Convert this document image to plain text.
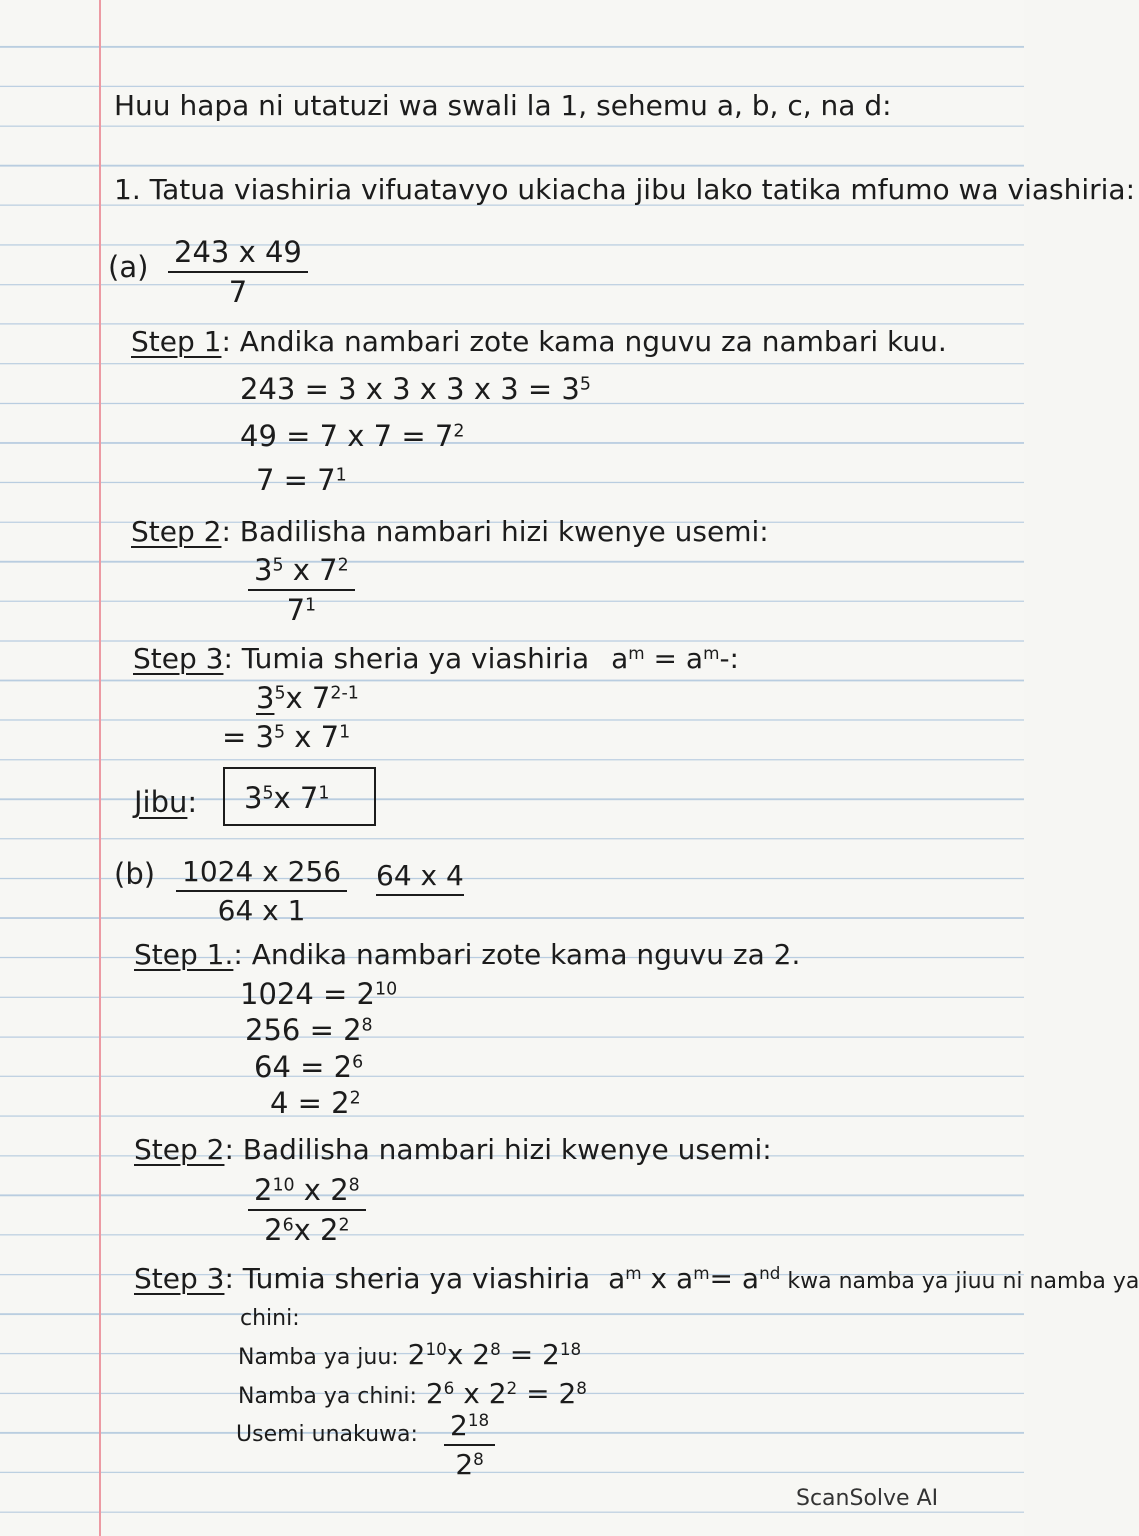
Huu hapa ni utatuzi wa swali la 1, sehemu a, b, c, na d:
1. Tatua viashiria vifuatavyo ukiacha jibu lako tatika mfumo wa viashiria:
$(a) \frac{243 x 49}{7}$
Step 1: Andika nambari zote kama nguvu za nambari kuu.
243 = 3 x 3 x 3 x $3 = 3^5$
49 = 7 x $7 = 7^2$
$7 = 7^1$
Step 2: Badilisha nambari hizi kwenye usemi:
$\frac{3^5 x 7^2}{7^1}$
Step 3: Tumia sheria ya viashiria $a^m = a^m-$:
$3^5x$ $7^{2-1}$
= $3^5$ x $7^1$
Jibu: $3^5x$ $7^1$
$(b) \frac{1024 x 256}{64 x 1} 64$ x 4
Step 1.: Andika nambari zote kama nguvu za 2.
$1024 = 2^{10}$
$256 = 2^8$
$64 = 2^6$
$4 = 2^2$
Step 2: Badilisha nambari hizi kwenye usemi:
$\frac{2^{10} x 2^8}{2^6x 2^2}$
Step 3: Tumia sheria ya viashiria $a^m$ x $a^m= a^{nd}$ kwa namba ya jiuu ni namba ya
chini:
Namba ya juu: $2^{10}x$ $2^8 = 2^{18}$
Namba ya chini: $2^6$ x $2^2 = 2^8$
Usemi unakuwa: $\frac{2^{18}}{2^8}$
ScanSolve AI
